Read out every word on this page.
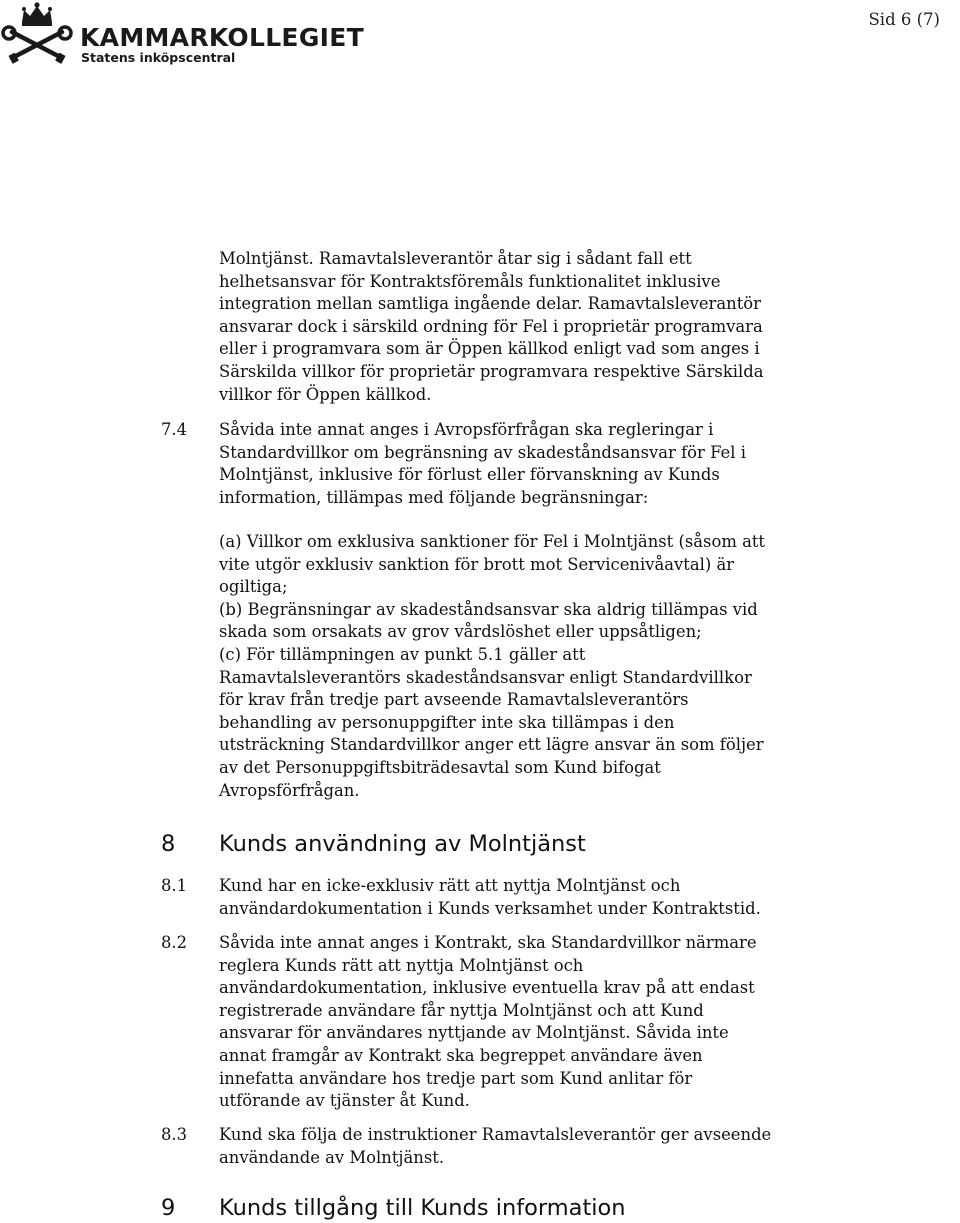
KAMMARKOLLEGIET
Statens inköpscentral
Sid 6 (7)
Molntjänst. Ramavtalsleverantör åtar sig i sådant fall ett
helhetsansvar för Kontraktsföremåls funktionalitet inklusive
integration mellan samtliga ingående delar. Ramavtalsleverantör
ansvarar dock i särskild ordning för Fel i proprietär programvara
eller i programvara som är Öppen källkod enligt vad som anges i
Särskilda villkor för proprietär programvara respektive Särskilda
villkor för Öppen källkod.
7.4 Såvida inte annat anges i Avropsförfrågan ska regleringar i
Standardvillkor om begränsning av skadeståndsansvar för Fel i
Molntjänst, inklusive för förlust eller förvanskning av Kunds
information, tillämpas med följande begränsningar:
(a) Villkor om exklusiva sanktioner för Fel i Molntjänst (såsom att
vite utgör exklusiv sanktion för brott mot Servicenivåavtal) är
ogiltiga;
(b) Begränsningar av skadeståndsansvar ska aldrig tillämpas vid
skada som orsakats av grov vårdslöshet eller uppsåtligen;
(c) För tillämpningen av punkt 5.1 gäller att
Ramavtalsleverantörs skadeståndsansvar enligt Standardvillkor
för krav från tredje part avseende Ramavtalsleverantörs
behandling av personuppgifter inte ska tillämpas i den
utsträckning Standardvillkor anger ett lägre ansvar än som följer
av det Personuppgiftsbiträdesavtal som Kund bifogat
Avropsförfrågan.
8 Kunds användning av Molntjänst
8.1 Kund har en icke-exklusiv rätt att nyttja Molntjänst och
användardokumentation i Kunds verksamhet under Kontraktstid.
8.2 Såvida inte annat anges i Kontrakt, ska Standardvillkor närmare
reglera Kunds rätt att nyttja Molntjänst och
användardokumentation, inklusive eventuella krav på att endast
registrerade användare får nyttja Molntjänst och att Kund
ansvarar för användares nyttjande av Molntjänst. Såvida inte
annat framgår av Kontrakt ska begreppet användare även
innefatta användare hos tredje part som Kund anlitar för
utförande av tjänster åt Kund.
8.3 Kund ska följa de instruktioner Ramavtalsleverantör ger avseende
användande av Molntjänst.
9 Kunds tillgång till Kunds information
